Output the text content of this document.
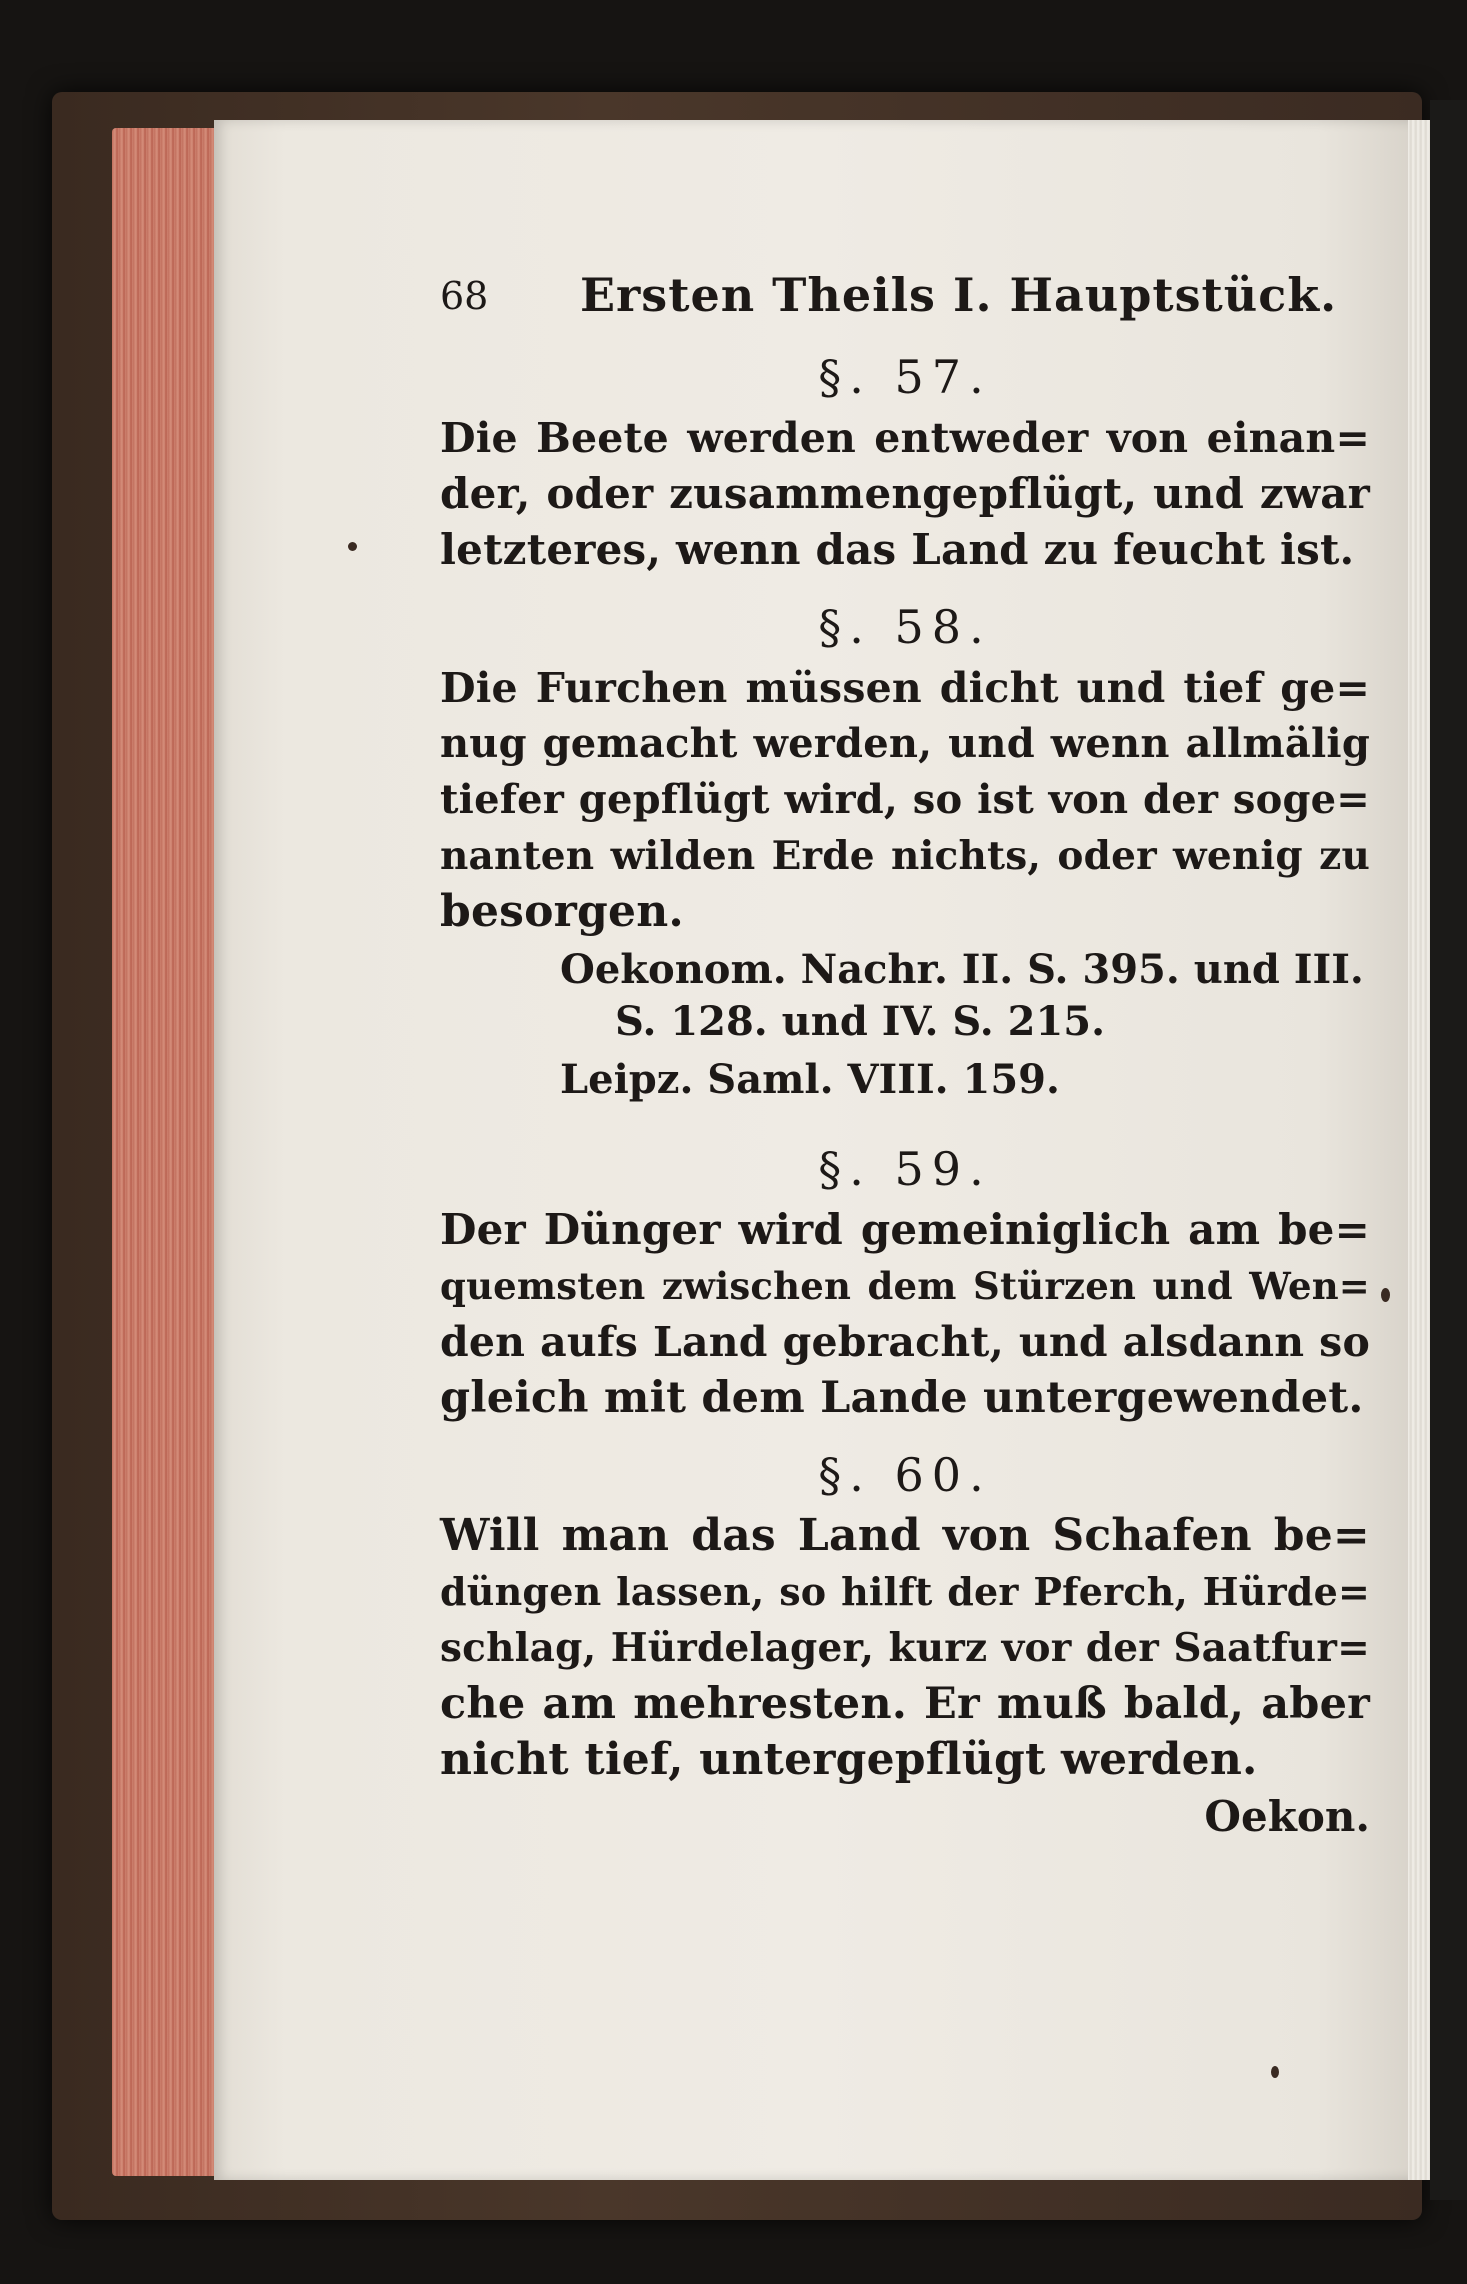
68 Ersten Theils I. Hauptstück.
§. 57.

Die Beete werden entweder von einan=
der, oder zusammengepflügt, und zwar
letzteres, wenn das Land zu feucht ist.

§. 58.

Die Furchen müssen dicht und tief ge=
nug gemacht werden, und wenn allmälig
tiefer gepflügt wird, so ist von der soge=
nanten wilden Erde nichts, oder wenig zu
besorgen.

Oekonom. Nachr. II. S. 395. und III.
S. 128. und IV. S. 215.
Leipz. Saml. VIII. 159.

§. 59.

Der Dünger wird gemeiniglich am be=
quemsten zwischen dem Stürzen und Wen=
den aufs Land gebracht, und alsdann so
gleich mit dem Lande untergewendet.

§. 60.

Will man das Land von Schafen be=
düngen lassen, so hilft der Pferch, Hürde=
schlag, Hürdelager, kurz vor der Saatfur=
che am mehresten. Er muß bald, aber
nicht tief, untergepflügt werden.

Oekon.
